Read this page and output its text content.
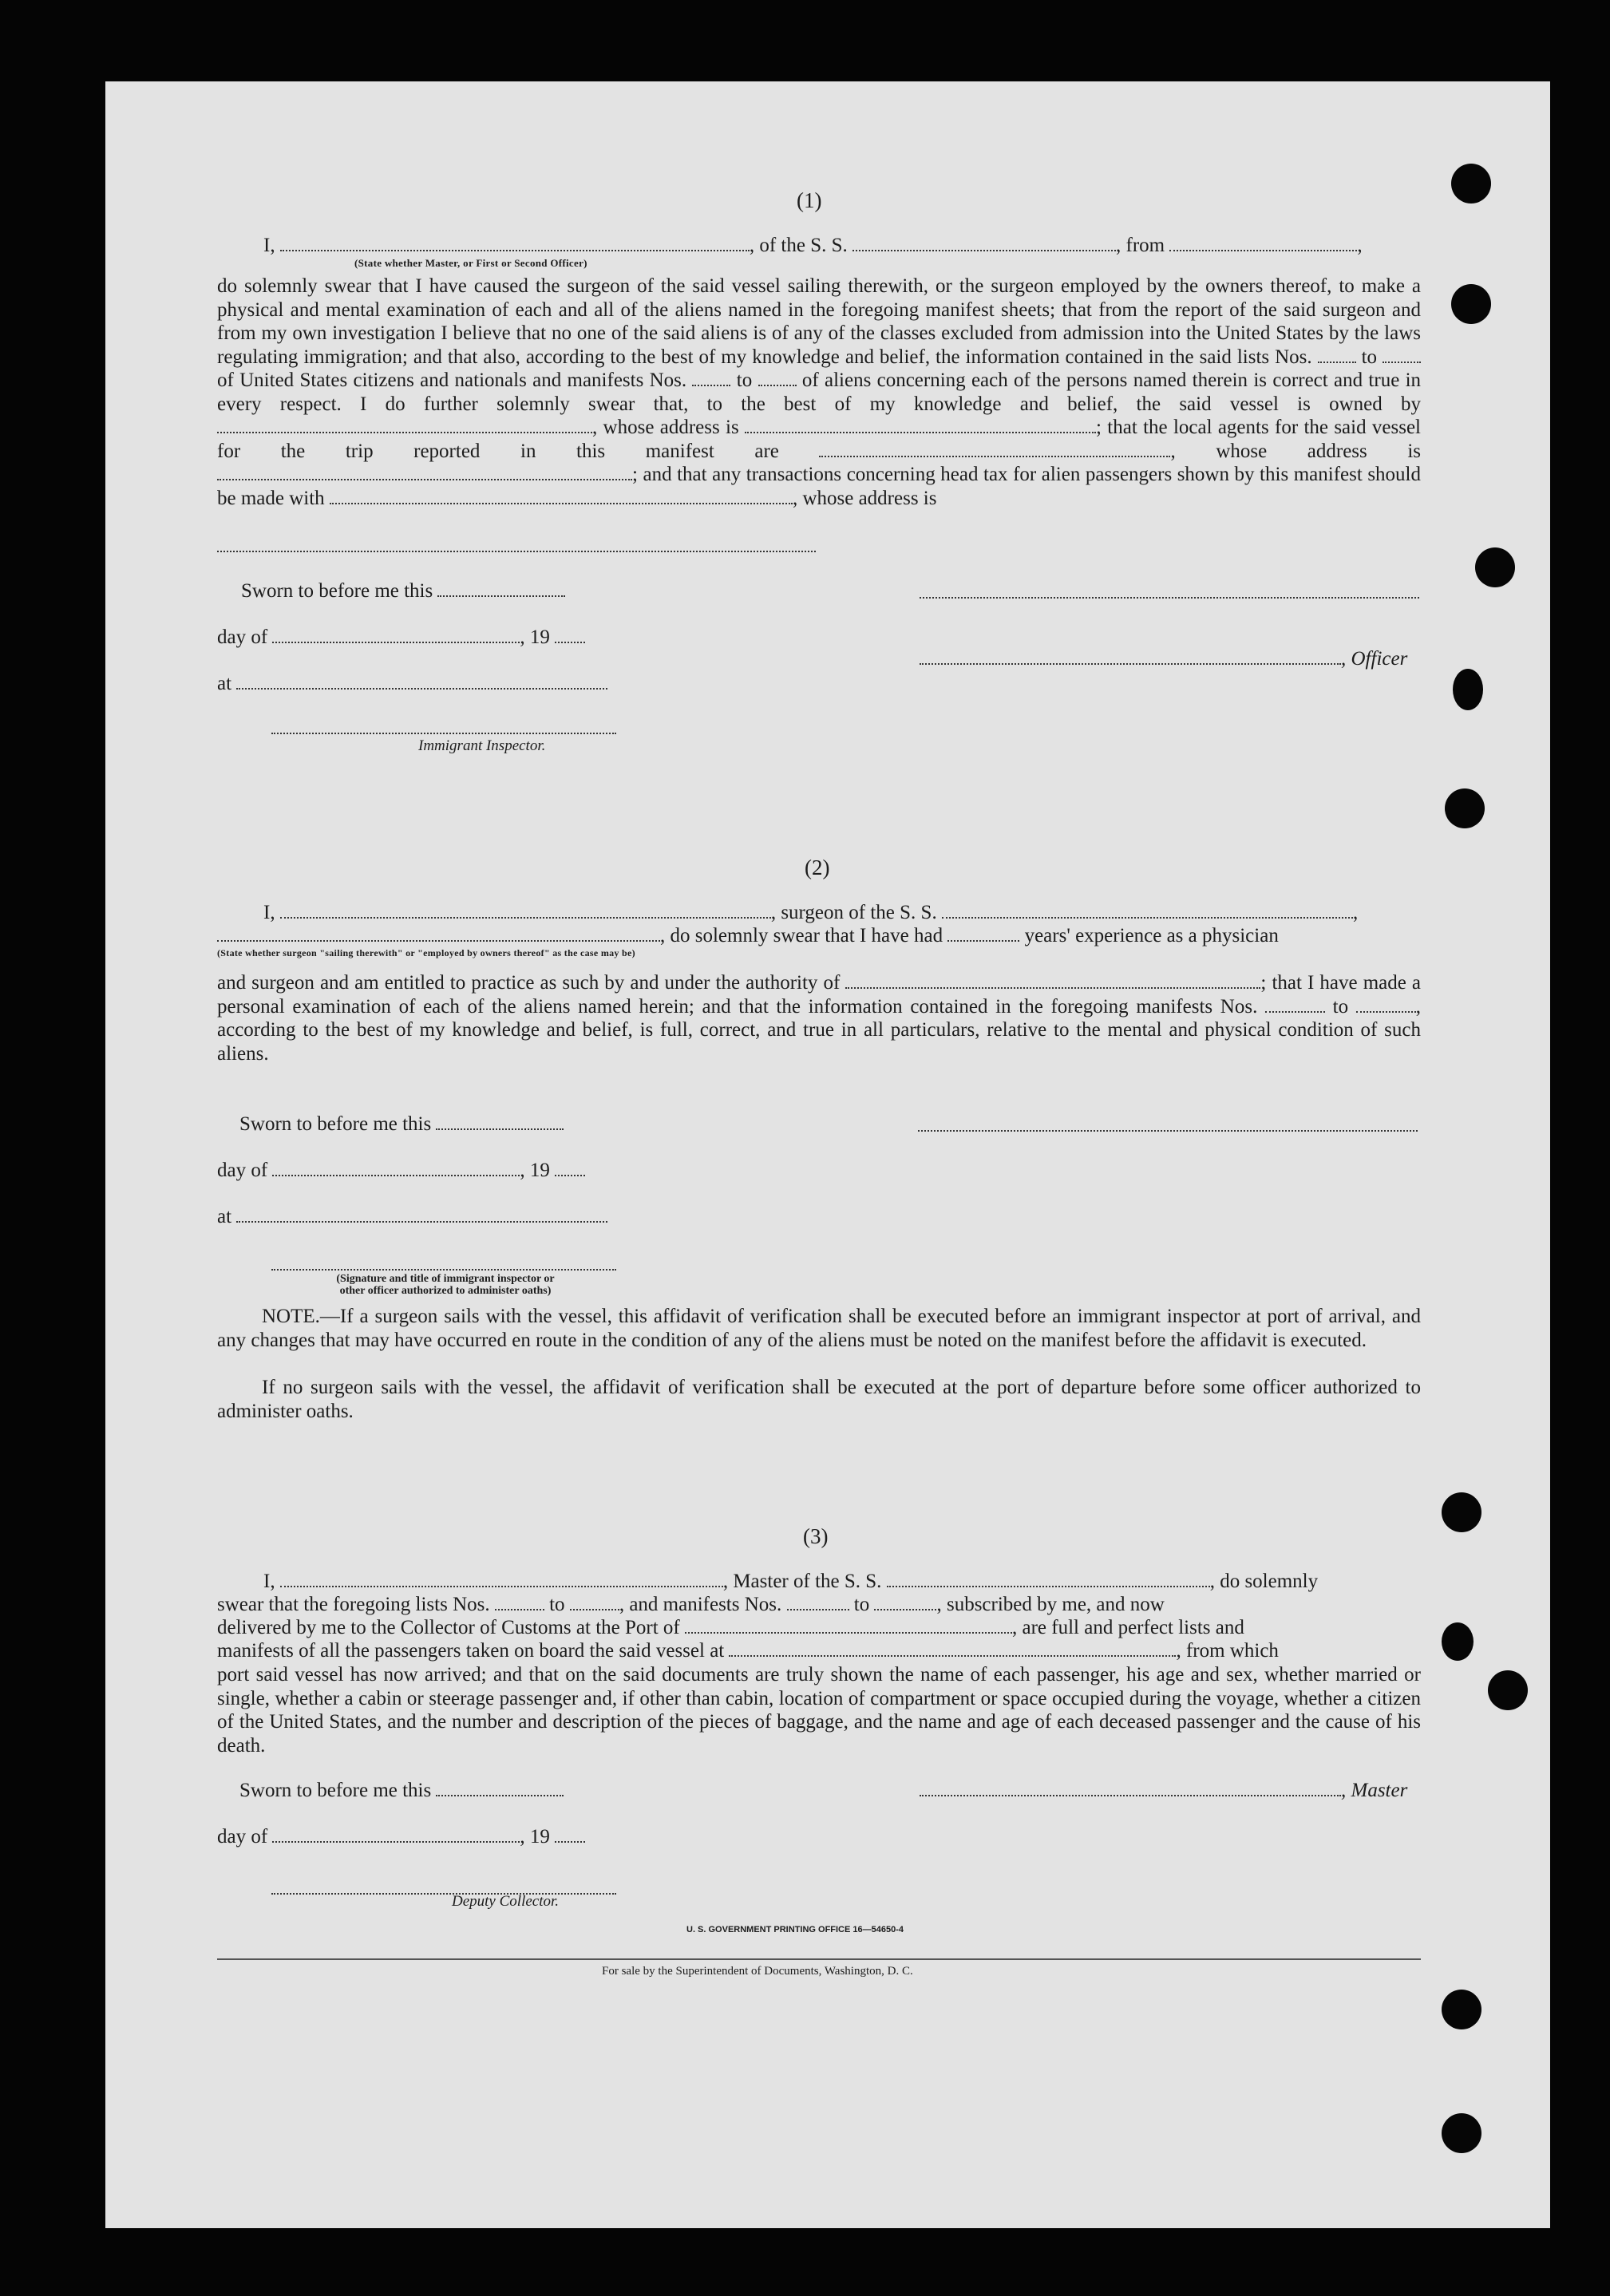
(1)
I,	, of the S. S.	, from	,
(State whether Master, or First or Second Officer)
do solemnly swear that I have caused the surgeon of the said vessel sailing therewith, or the surgeon employed by the owners thereof, to make a physical and mental examination of each and all of the aliens named in the foregoing manifest sheets; that from the report of the said surgeon and from my own investigation I believe that no one of the said aliens is of any of the classes excluded from admission into the United States by the laws regulating immigration; and that also, according to the best of my knowledge and belief, the information contained in the said lists Nos. to  of United States citizens and nationals and manifests Nos.	to	of aliens concerning each of the persons named therein is correct and true in every respect. I do further solemnly swear that, to the best of my knowledge and belief, the said vessel is owned by , whose address is	; that the local agents for the said vessel for the trip reported in this manifest are	, whose address is ; and that any transactions concerning head tax for alien passengers shown by this manifest should be made with	, whose address is
Sworn to before me this
day of	, 19
, Officer
at
Immigrant Inspector.
(2)
I,	, surgeon of the S. S.	,
, do solemnly swear that I have had	years' experience as a physician
(State whether surgeon "sailing therewith" or "employed by owners thereof" as the case may be)
and surgeon and am entitled to practice as such by and under the authority of	; that I have made a personal examination of each of the aliens named herein; and that the information contained in the foregoing manifests Nos.	to	, according to the best of my knowledge and belief, is full, correct, and true in all particulars, relative to the mental and physical condition of such aliens.
Sworn to before me this
day of	, 19
at
(Signature and title of immigrant inspector or
other officer authorized to administer oaths)
NOTE.—If a surgeon sails with the vessel, this affidavit of verification shall be executed before an immigrant inspector at port of arrival, and any changes that may have occurred en route in the condition of any of the aliens must be noted on the manifest before the affidavit is executed.
If no surgeon sails with the vessel, the affidavit of verification shall be executed at the port of departure before some officer authorized to administer oaths.
(3)
I,	, Master of the S. S.	, do solemnly
swear that the foregoing lists Nos.	to	, and manifests Nos.	to	, subscribed by me, and now
delivered by me to the Collector of Customs at the Port of	, are full and perfect lists and
manifests of all the passengers taken on board the said vessel at	, from which
port said vessel has now arrived; and that on the said documents are truly shown the name of each passenger, his age and sex, whether married or single, whether a cabin or steerage passenger and, if other than cabin, location of compartment or space occupied during the voyage, whether a citizen of the United States, and the number and description of the pieces of baggage, and the name and age of each deceased passenger and the cause of his death.
Sworn to before me this	, Master
day of	, 19
Deputy Collector.
U. S. GOVERNMENT PRINTING OFFICE 16—54650-4
For sale by the Superintendent of Documents, Washington, D. C.
